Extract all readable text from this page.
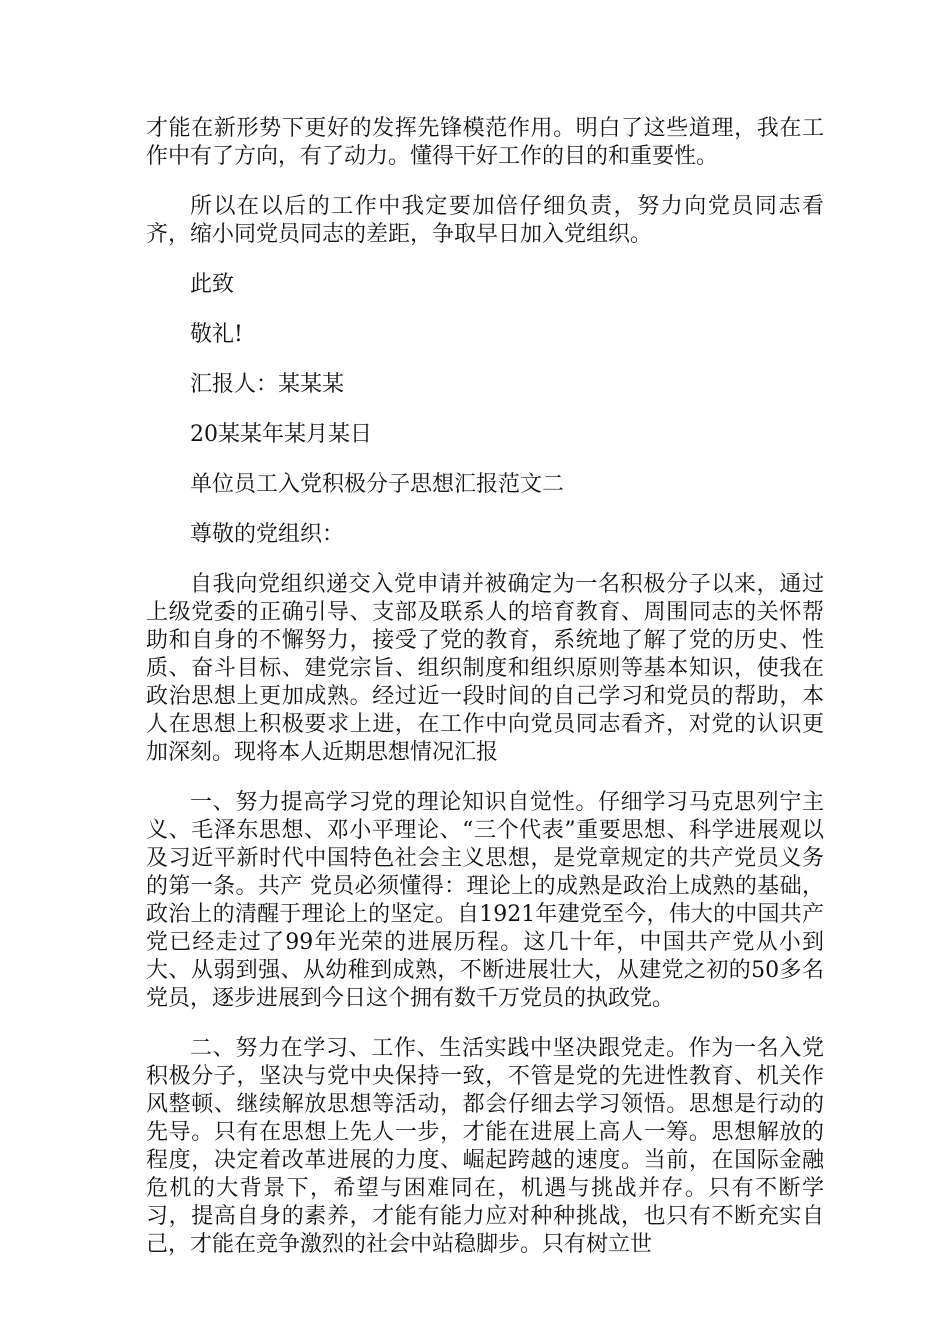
才能在新形势下更好的发挥先锋模范作用。明白了这些道理，我在工作中有了方向，有了动力。懂得干好工作的目的和重要性。

所以在以后的工作中我定要加倍仔细负责，努力向党员同志看齐，缩小同党员同志的差距，争取早日加入党组织。

此致

敬礼!

汇报人：某某某

20某某年某月某日

单位员工入党积极分子思想汇报范文二

尊敬的党组织：

自我向党组织递交入党申请并被确定为一名积极分子以来，通过上级党委的正确引导、支部及联系人的培育教育、周围同志的关怀帮助和自身的不懈努力，接受了党的教育，系统地了解了党的历史、性质、奋斗目标、建党宗旨、组织制度和组织原则等基本知识，使我在政治思想上更加成熟。经过近一段时间的自己学习和党员的帮助，本人在思想上积极要求上进，在工作中向党员同志看齐，对党的认识更加深刻。现将本人近期思想情况汇报

一、努力提高学习党的理论知识自觉性。仔细学习马克思列宁主义、毛泽东思想、邓小平理论、“三个代表”重要思想、科学进展观以及习近平新时代中国特色社会主义思想，是党章规定的共产党员义务的第一条。共产 党员必须懂得：理论上的成熟是政治上成熟的基础，政治上的清醒于理论上的坚定。自1921年建党至今，伟大的中国共产 党已经走过了99年光荣的进展历程。这几十年，中国共产党从小到大、从弱到强、从幼稚到成熟，不断进展壮大，从建党之初的50多名党员，逐步进展到今日这个拥有数千万党员的执政党。

二、努力在学习、工作、生活实践中坚决跟党走。作为一名入党积极分子，坚决与党中央保持一致，不管是党的先进性教育、机关作风整顿、继续解放思想等活动，都会仔细去学习领悟。思想是行动的先导。只有在思想上先人一步，才能在进展上高人一筹。思想解放的程度，决定着改革进展的力度、崛起跨越的速度。当前，在国际金融危机的大背景下，希望与困难同在，机遇与挑战并存。只有不断学习，提高自身的素养，才能有能力应对种种挑战，也只有不断充实自己，才能在竞争激烈的社会中站稳脚步。只有树立世
